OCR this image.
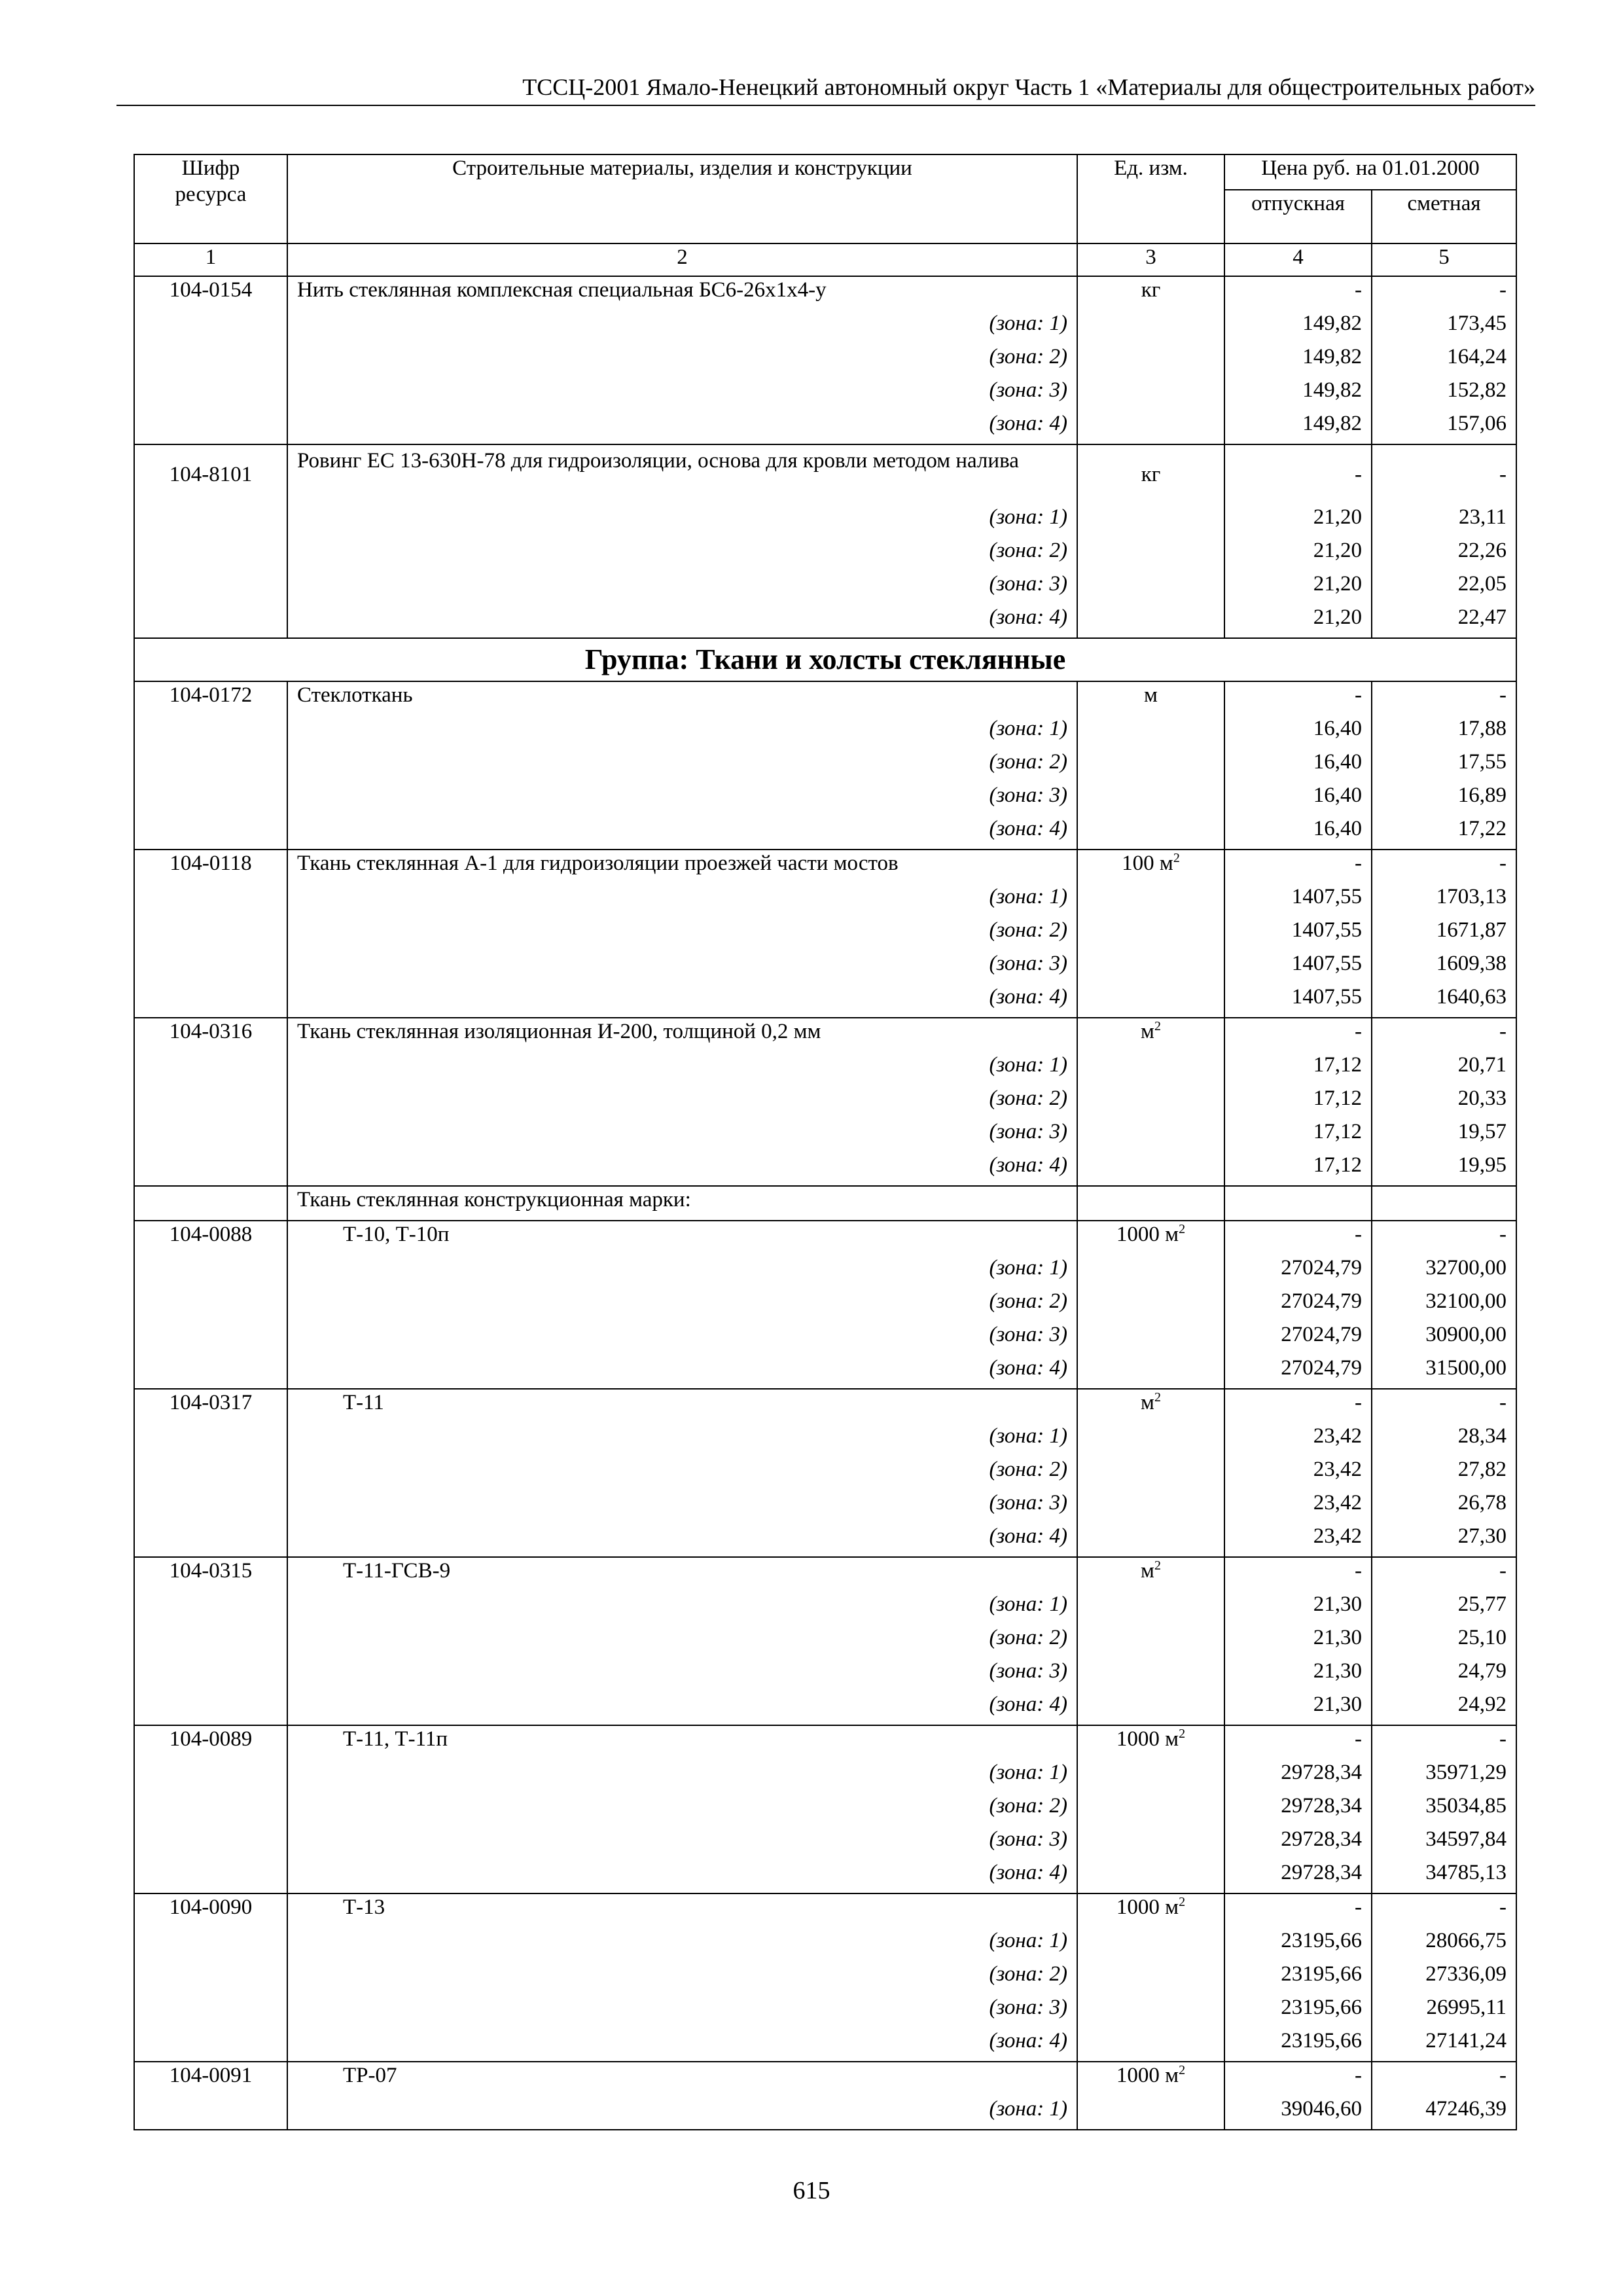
ТССЦ-2001 Ямало-Ненецкий автономный округ Часть 1 «Материалы для общестроительных работ»
Шифр ресурса	Строительные материалы, изделия и конструкции	Ед. изм.	Цена руб. на 01.01.2000	
			отпускная	сметная
1	2	3	4	5
104-0154	Нить стеклянная комплексная специальная БС6-26х1х4-у	кг	-	-
	(зона: 1)		149,82	173,45
	(зона: 2)		149,82	164,24
	(зона: 3)		149,82	152,82
	(зона: 4)		149,82	157,06
104-8101	Ровинг ЕС 13-630Н-78 для гидроизоляции, основа для кровли методом налива	кг	-	-
	(зона: 1)		21,20	23,11
	(зона: 2)		21,20	22,26
	(зона: 3)		21,20	22,05
	(зона: 4)		21,20	22,47
Группа: Ткани и холсты стеклянные				
104-0172	Стеклоткань	м	-	-
	(зона: 1)		16,40	17,88
	(зона: 2)		16,40	17,55
	(зона: 3)		16,40	16,89
	(зона: 4)		16,40	17,22
104-0118	Ткань стеклянная А-1 для гидроизоляции проезжей части мостов	100 $м^2$	-	-
	(зона: 1)		1407,55	1703,13
	(зона: 2)		1407,55	1671,87
	(зона: 3)		1407,55	1609,38
	(зона: 4)		1407,55	1640,63
104-0316	Ткань стеклянная изоляционная И-200, толщиной 0,2 мм	$м^2$	-	-
	(зона: 1)		17,12	20,71
	(зона: 2)		17,12	20,33
	(зона: 3)		17,12	19,57
	(зона: 4)		17,12	19,95
	Ткань стеклянная конструкционная марки:			
104-0088	Т-10, Т-10п	1000 $м^2$	-	-
	(зона: 1)		27024,79	32700,00
	(зона: 2)		27024,79	32100,00
	(зона: 3)		27024,79	30900,00
	(зона: 4)		27024,79	31500,00
104-0317	Т-11	$м^2$	-	-
	(зона: 1)		23,42	28,34
	(зона: 2)		23,42	27,82
	(зона: 3)		23,42	26,78
	(зона: 4)		23,42	27,30
104-0315	Т-11-ГСВ-9	$м^2$	-	-
	(зона: 1)		21,30	25,77
	(зона: 2)		21,30	25,10
	(зона: 3)		21,30	24,79
	(зона: 4)		21,30	24,92
104-0089	Т-11, Т-11п	1000 $м^2$	-	-
	(зона: 1)		29728,34	35971,29
	(зона: 2)		29728,34	35034,85
	(зона: 3)		29728,34	34597,84
	(зона: 4)		29728,34	34785,13
104-0090	Т-13	1000 $м^2$	-	-
	(зона: 1)		23195,66	28066,75
	(зона: 2)		23195,66	27336,09
	(зона: 3)		23195,66	26995,11
	(зона: 4)		23195,66	27141,24
104-0091	ТР-07	1000 $м^2$	-	-
	(зона: 1)		39046,60	47246,39
615
